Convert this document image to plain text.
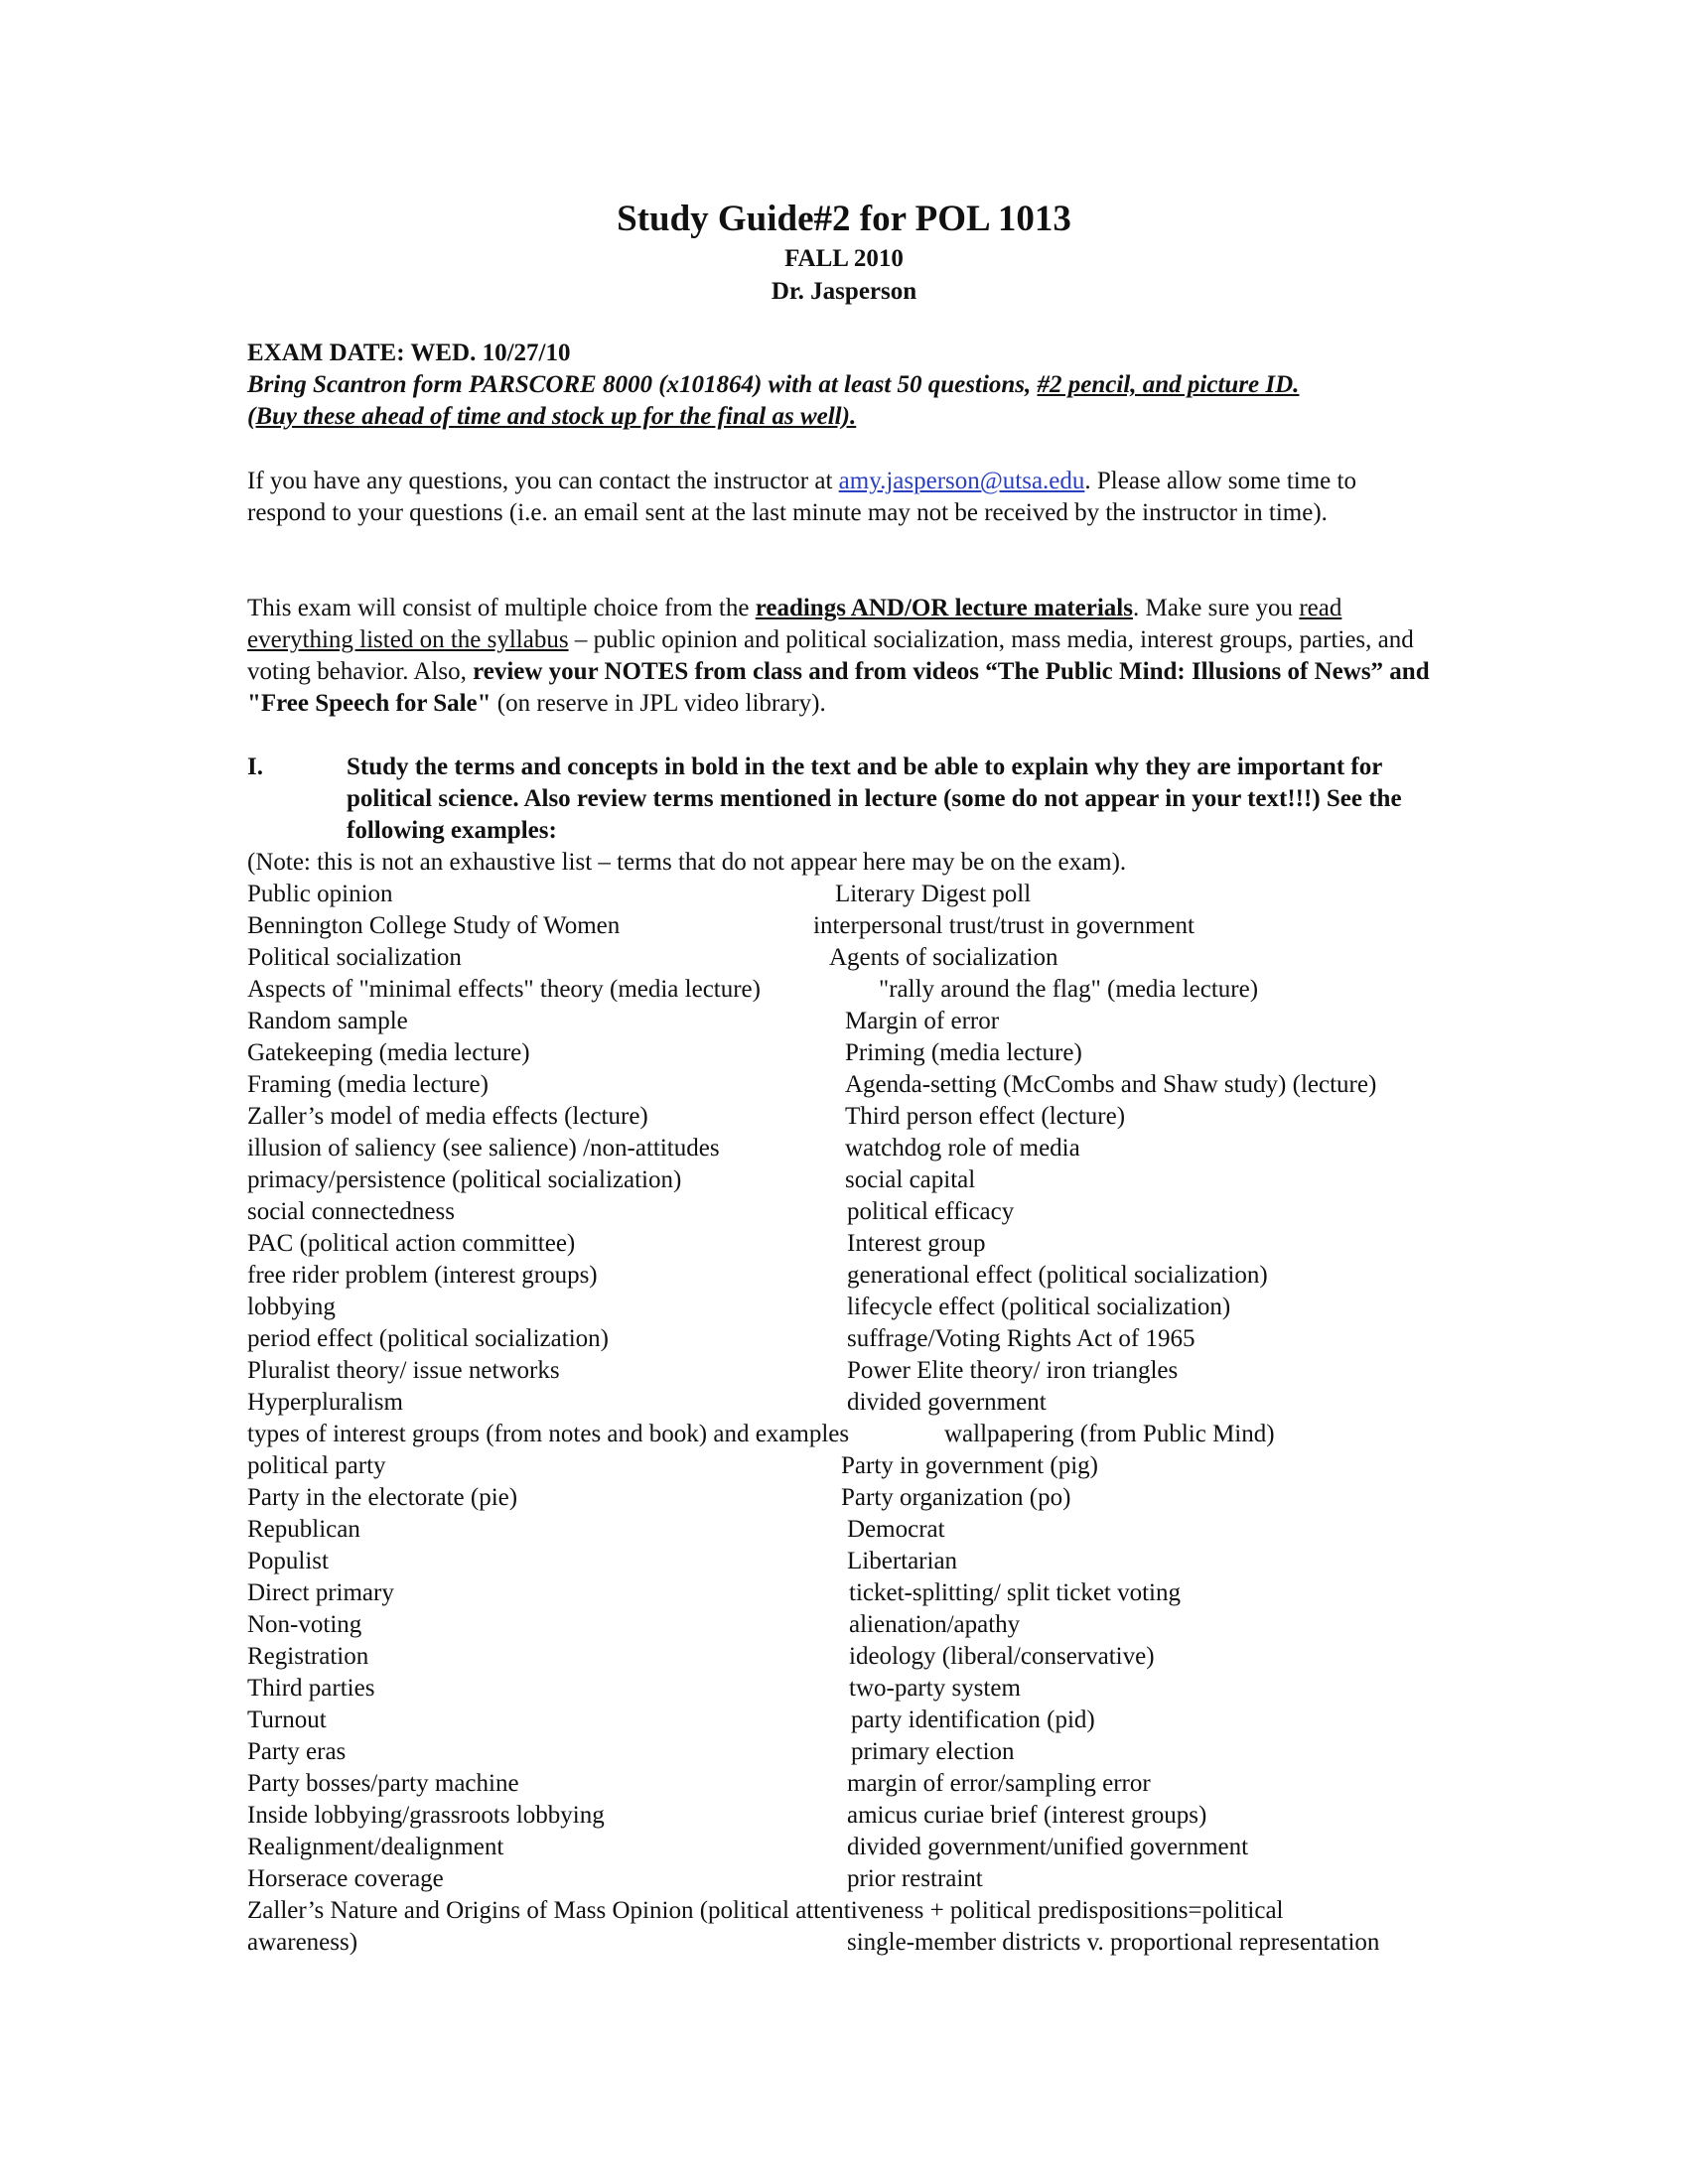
Study Guide#2 for POL 1013
FALL 2010
Dr. Jasperson
EXAM DATE: WED. 10/27/10
Bring Scantron form PARSCORE 8000 (x101864) with at least 50 questions, #2 pencil, and picture ID.
(Buy these ahead of time and stock up for the final as well).
If you have any questions, you can contact the instructor at amy.jasperson@utsa.edu. Please allow some time to respond to your questions (i.e. an email sent at the last minute may not be received by the instructor in time).
This exam will consist of multiple choice from the readings AND/OR lecture materials. Make sure you read everything listed on the syllabus – public opinion and political socialization, mass media, interest groups, parties, and voting behavior. Also, review your NOTES from class and from videos “The Public Mind: Illusions of News” and "Free Speech for Sale" (on reserve in JPL video library).
I.	Study the terms and concepts in bold in the text and be able to explain why they are important for political science. Also review terms mentioned in lecture (some do not appear in your text!!!) See the following examples:
(Note: this is not an exhaustive list – terms that do not appear here may be on the exam).
Public opinion	Literary Digest poll
Bennington College Study of Women	interpersonal trust/trust in government
Political socialization	Agents of socialization
Aspects of "minimal effects" theory (media lecture)	"rally around the flag" (media lecture)
Random sample	Margin of error
Gatekeeping (media lecture)	Priming (media lecture)
Framing (media lecture)	Agenda-setting (McCombs and Shaw study) (lecture)
Zaller’s model of media effects (lecture)	Third person effect (lecture)
illusion of saliency (see salience) /non-attitudes	watchdog role of media
primacy/persistence (political socialization)	social capital
social connectedness	political efficacy
PAC (political action committee)	Interest group
free rider problem (interest groups)	generational effect (political socialization)
lobbying	lifecycle effect (political socialization)
period effect (political socialization)	suffrage/Voting Rights Act of 1965
Pluralist theory/ issue networks	Power Elite theory/ iron triangles
Hyperpluralism	divided government
types of interest groups (from notes and book) and examples	wallpapering (from Public Mind)
political party	Party in government (pig)
Party in the electorate (pie)	Party organization (po)
Republican	Democrat
Populist	Libertarian
Direct primary	ticket-splitting/ split ticket voting
Non-voting	alienation/apathy
Registration	ideology (liberal/conservative)
Third parties	two-party system
Turnout	party identification (pid)
Party eras	primary election
Party bosses/party machine	margin of error/sampling error
Inside lobbying/grassroots lobbying	amicus curiae brief (interest groups)
Realignment/dealignment	divided government/unified government
Horserace coverage	prior restraint
Zaller’s Nature and Origins of Mass Opinion (political attentiveness + political predispositions=political
awareness)	single-member districts v. proportional representation
